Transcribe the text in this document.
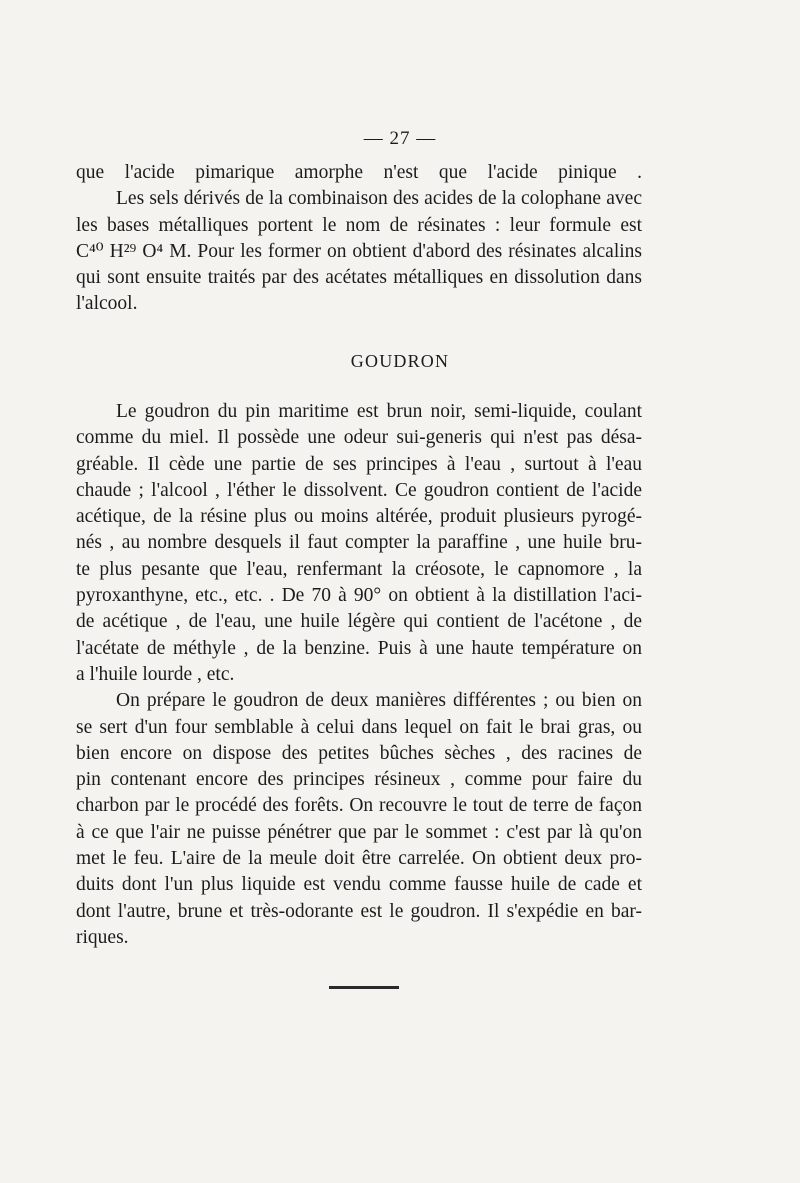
— 27 —
que l'acide pimarique amorphe n'est que l'acide pinique .
Les sels dérivés de la combinaison des acides de la colophane avec
les bases métalliques portent le nom de résinates : leur formule est
C⁴⁰ H²⁹ O⁴ M. Pour les former on obtient d'abord des résinates alcalins
qui sont ensuite traités par des acétates métalliques en dissolution dans
l'alcool.
GOUDRON
Le goudron du pin maritime est brun noir, semi-liquide, coulant
comme du miel. Il possède une odeur sui-generis qui n'est pas désa-
gréable. Il cède une partie de ses principes à l'eau , surtout à l'eau
chaude ; l'alcool , l'éther le dissolvent. Ce goudron contient de l'acide
acétique, de la résine plus ou moins altérée, produit plusieurs pyrogé-
nés , au nombre desquels il faut compter la paraffine , une huile bru-
te plus pesante que l'eau, renfermant la créosote, le capnomore , la
pyroxanthyne, etc., etc. . De 70 à 90° on obtient à la distillation l'aci-
de acétique , de l'eau, une huile légère qui contient de l'acétone , de
l'acétate de méthyle , de la benzine. Puis à une haute température on
a l'huile lourde , etc.
On prépare le goudron de deux manières différentes ; ou bien on
se sert d'un four semblable à celui dans lequel on fait le brai gras, ou
bien encore on dispose des petites bûches sèches , des racines de
pin contenant encore des principes résineux , comme pour faire du
charbon par le procédé des forêts. On recouvre le tout de terre de façon
à ce que l'air ne puisse pénétrer que par le sommet : c'est par là qu'on
met le feu. L'aire de la meule doit être carrelée. On obtient deux pro-
duits dont l'un plus liquide est vendu comme fausse huile de cade et
dont l'autre, brune et très-odorante est le goudron. Il s'expédie en bar-
riques.
